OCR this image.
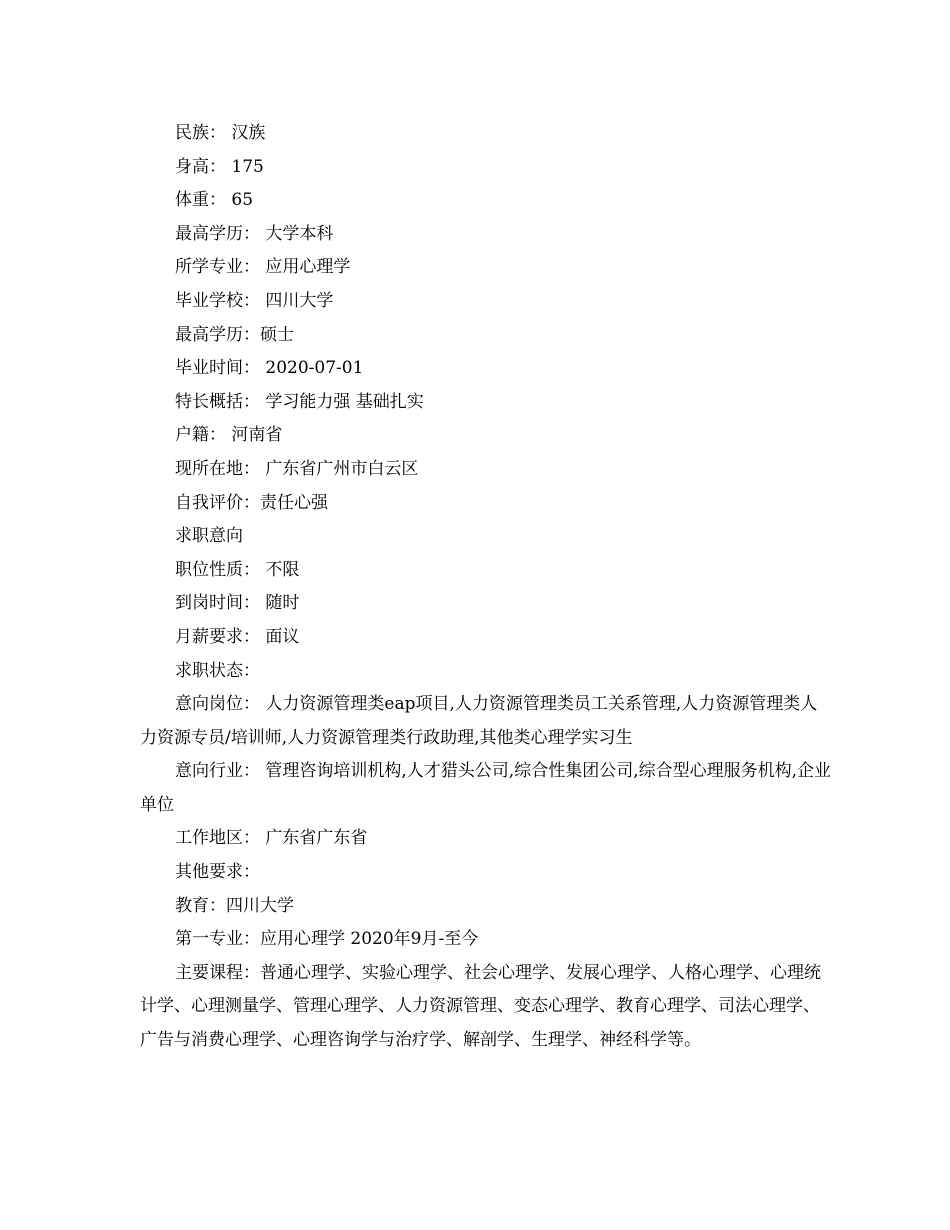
民族： 汉族

身高： 175

体重： 65

最高学历： 大学本科

所学专业： 应用心理学

毕业学校： 四川大学

最高学历：硕士

毕业时间： 2020-07-01

特长概括： 学习能力强 基础扎实

户籍： 河南省

现所在地： 广东省广州市白云区

自我评价：责任心强

求职意向

职位性质： 不限

到岗时间： 随时

月薪要求： 面议

求职状态：

意向岗位： 人力资源管理类eap项目,人力资源管理类员工关系管理,人力资源管理类人力资源专员/培训师,人力资源管理类行政助理,其他类心理学实习生

意向行业： 管理咨询培训机构,人才猎头公司,综合性集团公司,综合型心理服务机构,企业单位

工作地区： 广东省广东省

其他要求：

教育：四川大学

第一专业：应用心理学 2020年9月-至今

主要课程：普通心理学、实验心理学、社会心理学、发展心理学、人格心理学、心理统计学、心理测量学、管理心理学、人力资源管理、变态心理学、教育心理学、司法心理学、广告与消费心理学、心理咨询学与治疗学、解剖学、生理学、神经科学等。
